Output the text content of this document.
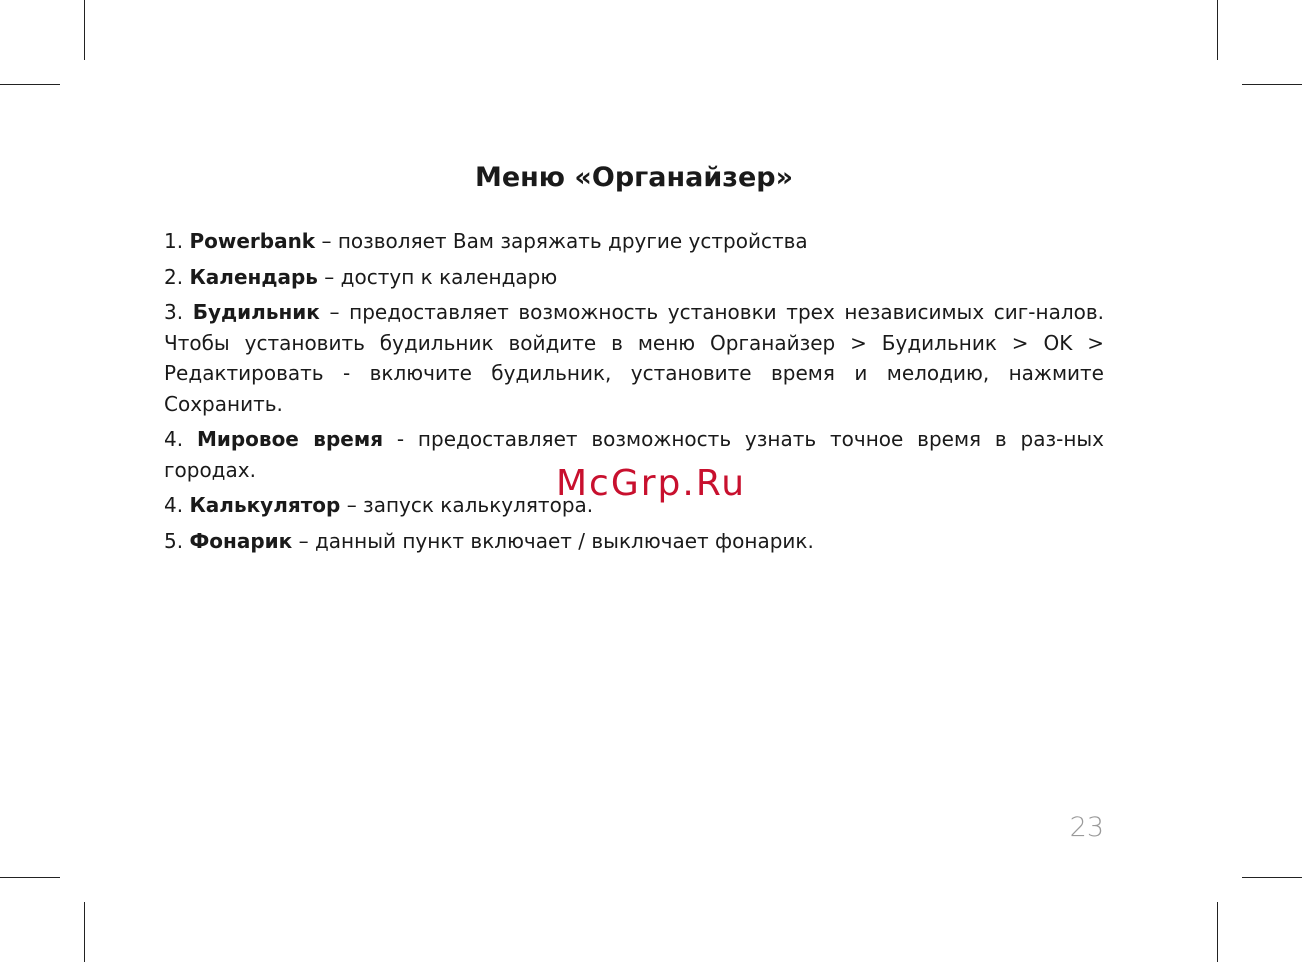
Меню «Органайзер»

1. Powerbank – позволяет Вам заряжать другие устройства

2. Календарь – доступ к календарю

3. Будильник – предоставляет возможность установки трех независимых сиг-налов. Чтобы установить будильник войдите в меню Органайзер > Будильник > OK > Редактировать - включите будильник, установите время и мелодию, нажмите Сохранить.

4. Мировое время - предоставляет возможность узнать точное время в раз-ных городах.

4. Калькулятор – запуск калькулятора.

5. Фонарик – данный пункт включает / выключает фонарик.

McGrp.Ru
23
